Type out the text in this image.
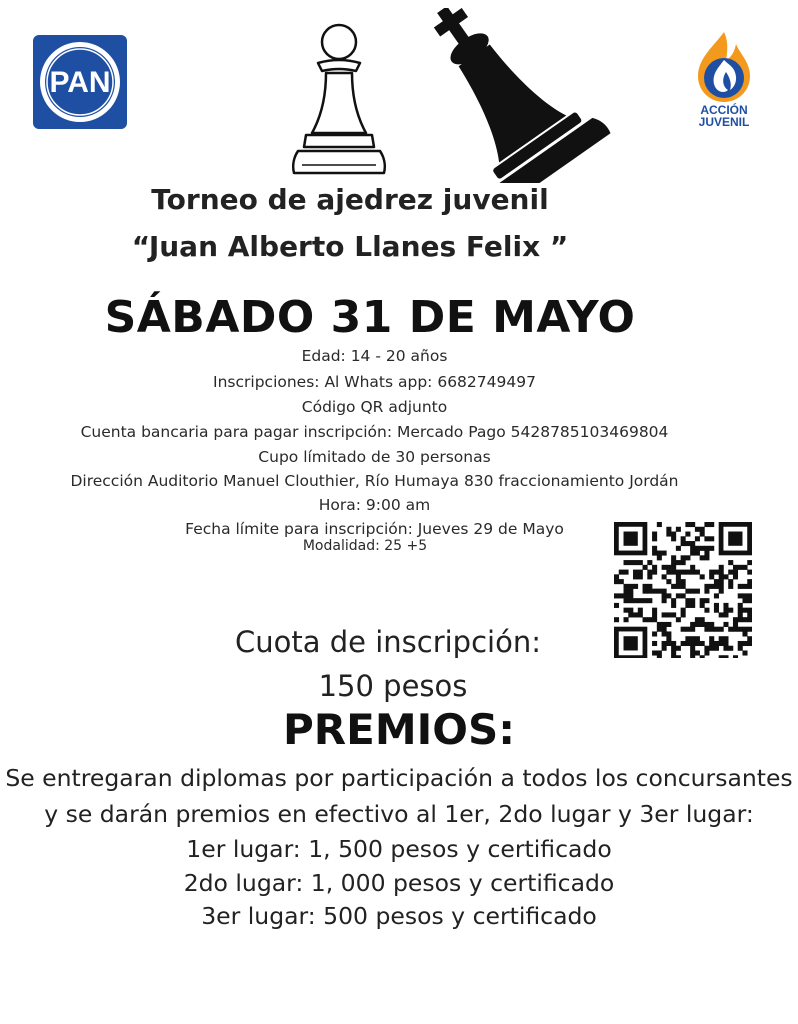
PAN
ACCIÓN
JUVENIL
Torneo de ajedrez juvenil
“Juan Alberto Llanes Felix ”
SÁBADO 31 DE MAYO
Edad: 14 - 20 años
Inscripciones: Al Whats app: 6682749497
Código QR adjunto
Cuenta bancaria para pagar inscripción: Mercado Pago 5428785103469804
Cupo límitado de 30 personas
Dirección Auditorio Manuel Clouthier, Río Humaya 830 fraccionamiento Jordán
Hora: 9:00 am
Fecha límite para inscripción: Jueves 29 de Mayo
Modalidad: 25 +5
Cuota de inscripción:
150 pesos
PREMIOS:
Se entregaran diplomas por participación a todos los concursantes
y se darán premios en efectivo al 1er, 2do lugar y 3er lugar:
1er lugar: 1, 500 pesos y certificado
2do lugar: 1, 000 pesos y certificado
3er lugar: 500 pesos y certificado
